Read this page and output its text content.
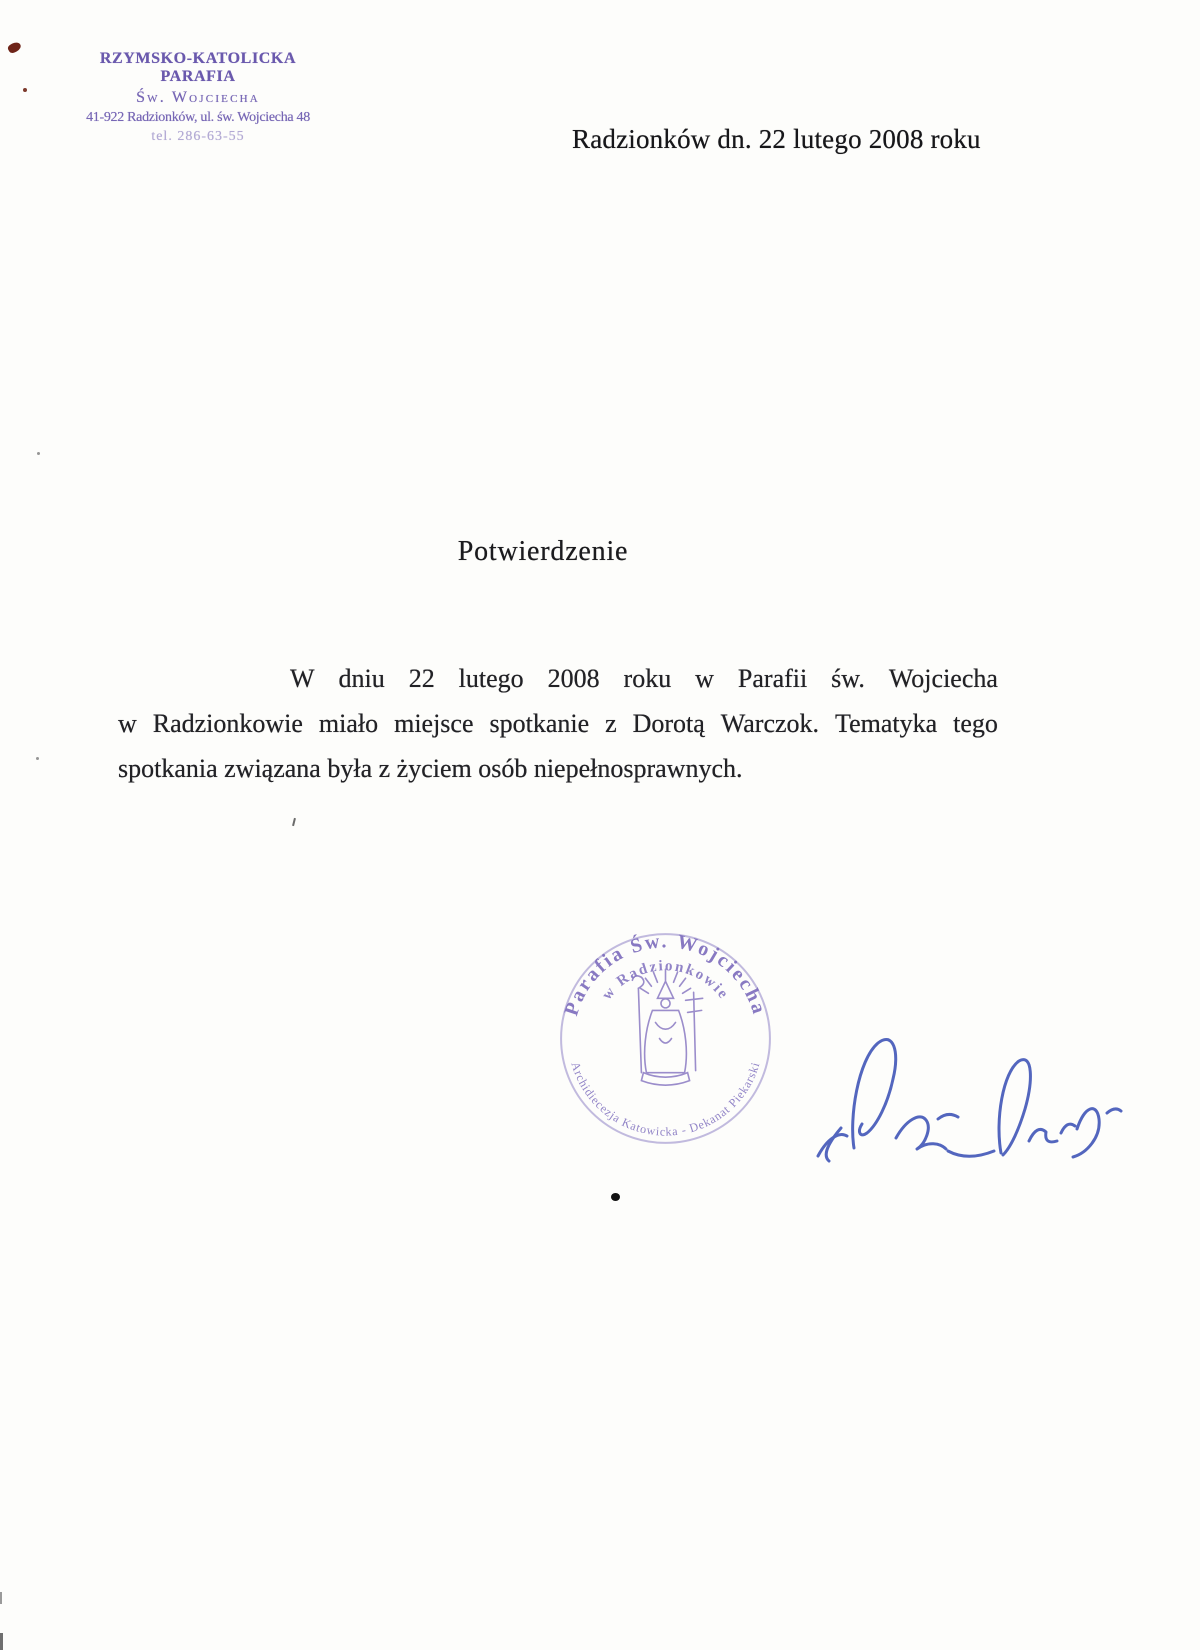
RZYMSKO-KATOLICKA PARAFIA
Św. Wojciecha
41-922 Radzionków, ul. św. Wojciecha 48
tel. 286-63-55	Radzionków dn. 22 lutego 2008 roku
Potwierdzenie
W dniu 22 lutego 2008 roku w Parafii św. Wojciecha
w Radzionkowie miało miejsce spotkanie z Dorotą Warczok. Tematyka tego
spotkania związana była z życiem osób niepełnosprawnych.
Parafia Św. Wojciecha
w Radzionkowie
Archidiecezja Katowicka - Dekanat Piekarski
